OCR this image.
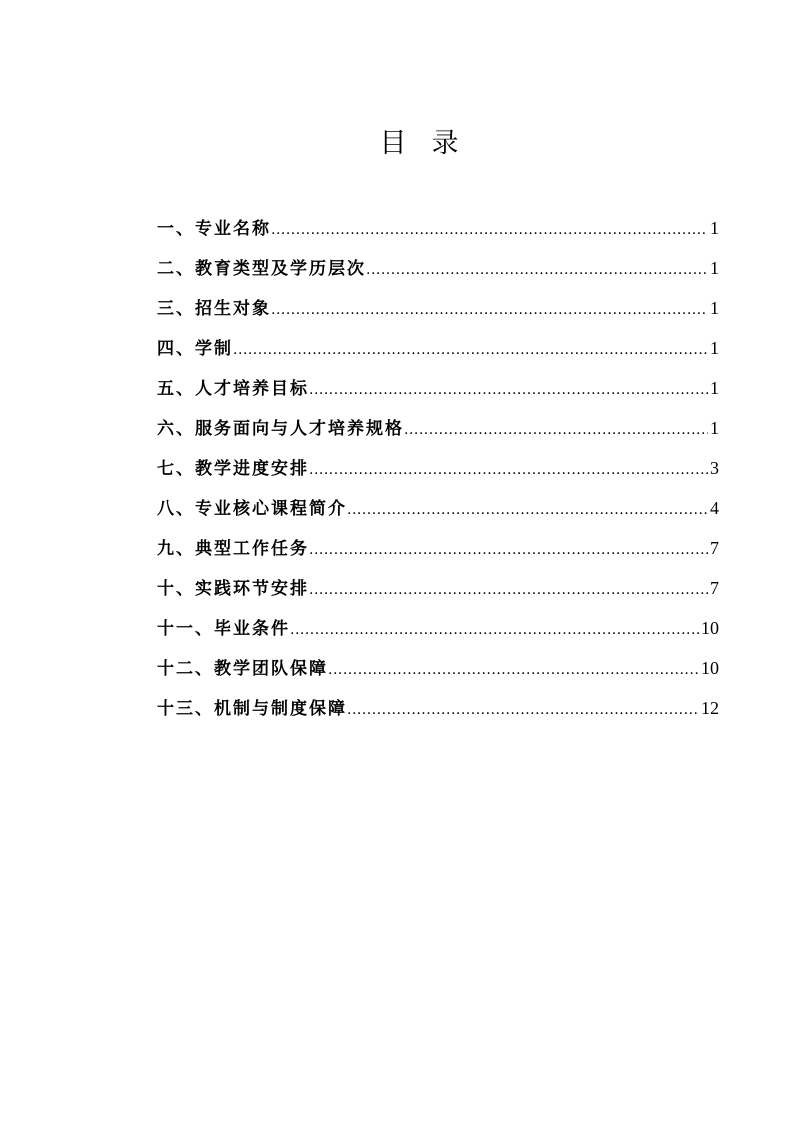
目 录
一、专业名称 .....	1
二、教育类型及学历层次 .....	1
三、招生对象 .....	1
四、学制 .....	1
五、人才培养目标 .....	1
六、服务面向与人才培养规格 .....	1
七、教学进度安排 .....	3
八、专业核心课程简介 .....	4
九、典型工作任务 .....	7
十、实践环节安排 .....	7
十一、毕业条件 .....	10
十二、教学团队保障 .....	10
十三、机制与制度保障 .....	12
